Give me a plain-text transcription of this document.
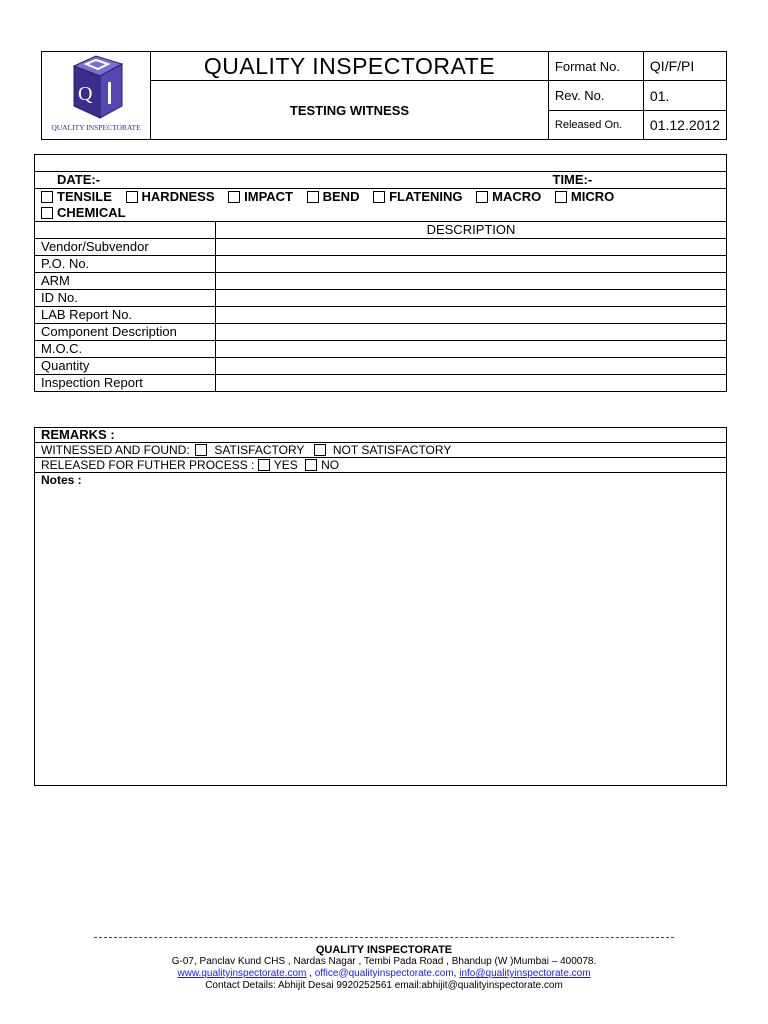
Q
QUALITY INSPECTORATE	QUALITY INSPECTORATE	Format No.	QI/F/PI
	TESTING WITNESS	Rev. No.	01.
		Released On.	01.12.2012

DATE:- TIME:-	

TENSILE HARDNESS IMPACT BEND FLATENING MACRO MICRO
CHEMICAL	
	DESCRIPTION
Vendor/Subvendor	
P.O. No.	
ARM	
ID No.	
LAB Report No.	
Component Description	
M.O.C.	
Quantity	
Inspection Report	
REMARKS :
WITNESSED AND FOUND: SATISFACTORY NOT SATISFACTORY
RELEASED FOR FUTHER PROCESS : YES NO
Notes :
QUALITY INSPECTORATE
G-07, Panclav Kund CHS , Nardas Nagar , Tembi Pada Road , Bhandup (W )Mumbai – 400078.
www.qualityinspectorate.com , office@qualityinspectorate.com, info@qualityinspectorate.com
Contact Details: Abhijit Desai 9920252561 email:abhijit@qualityinspectorate.com
